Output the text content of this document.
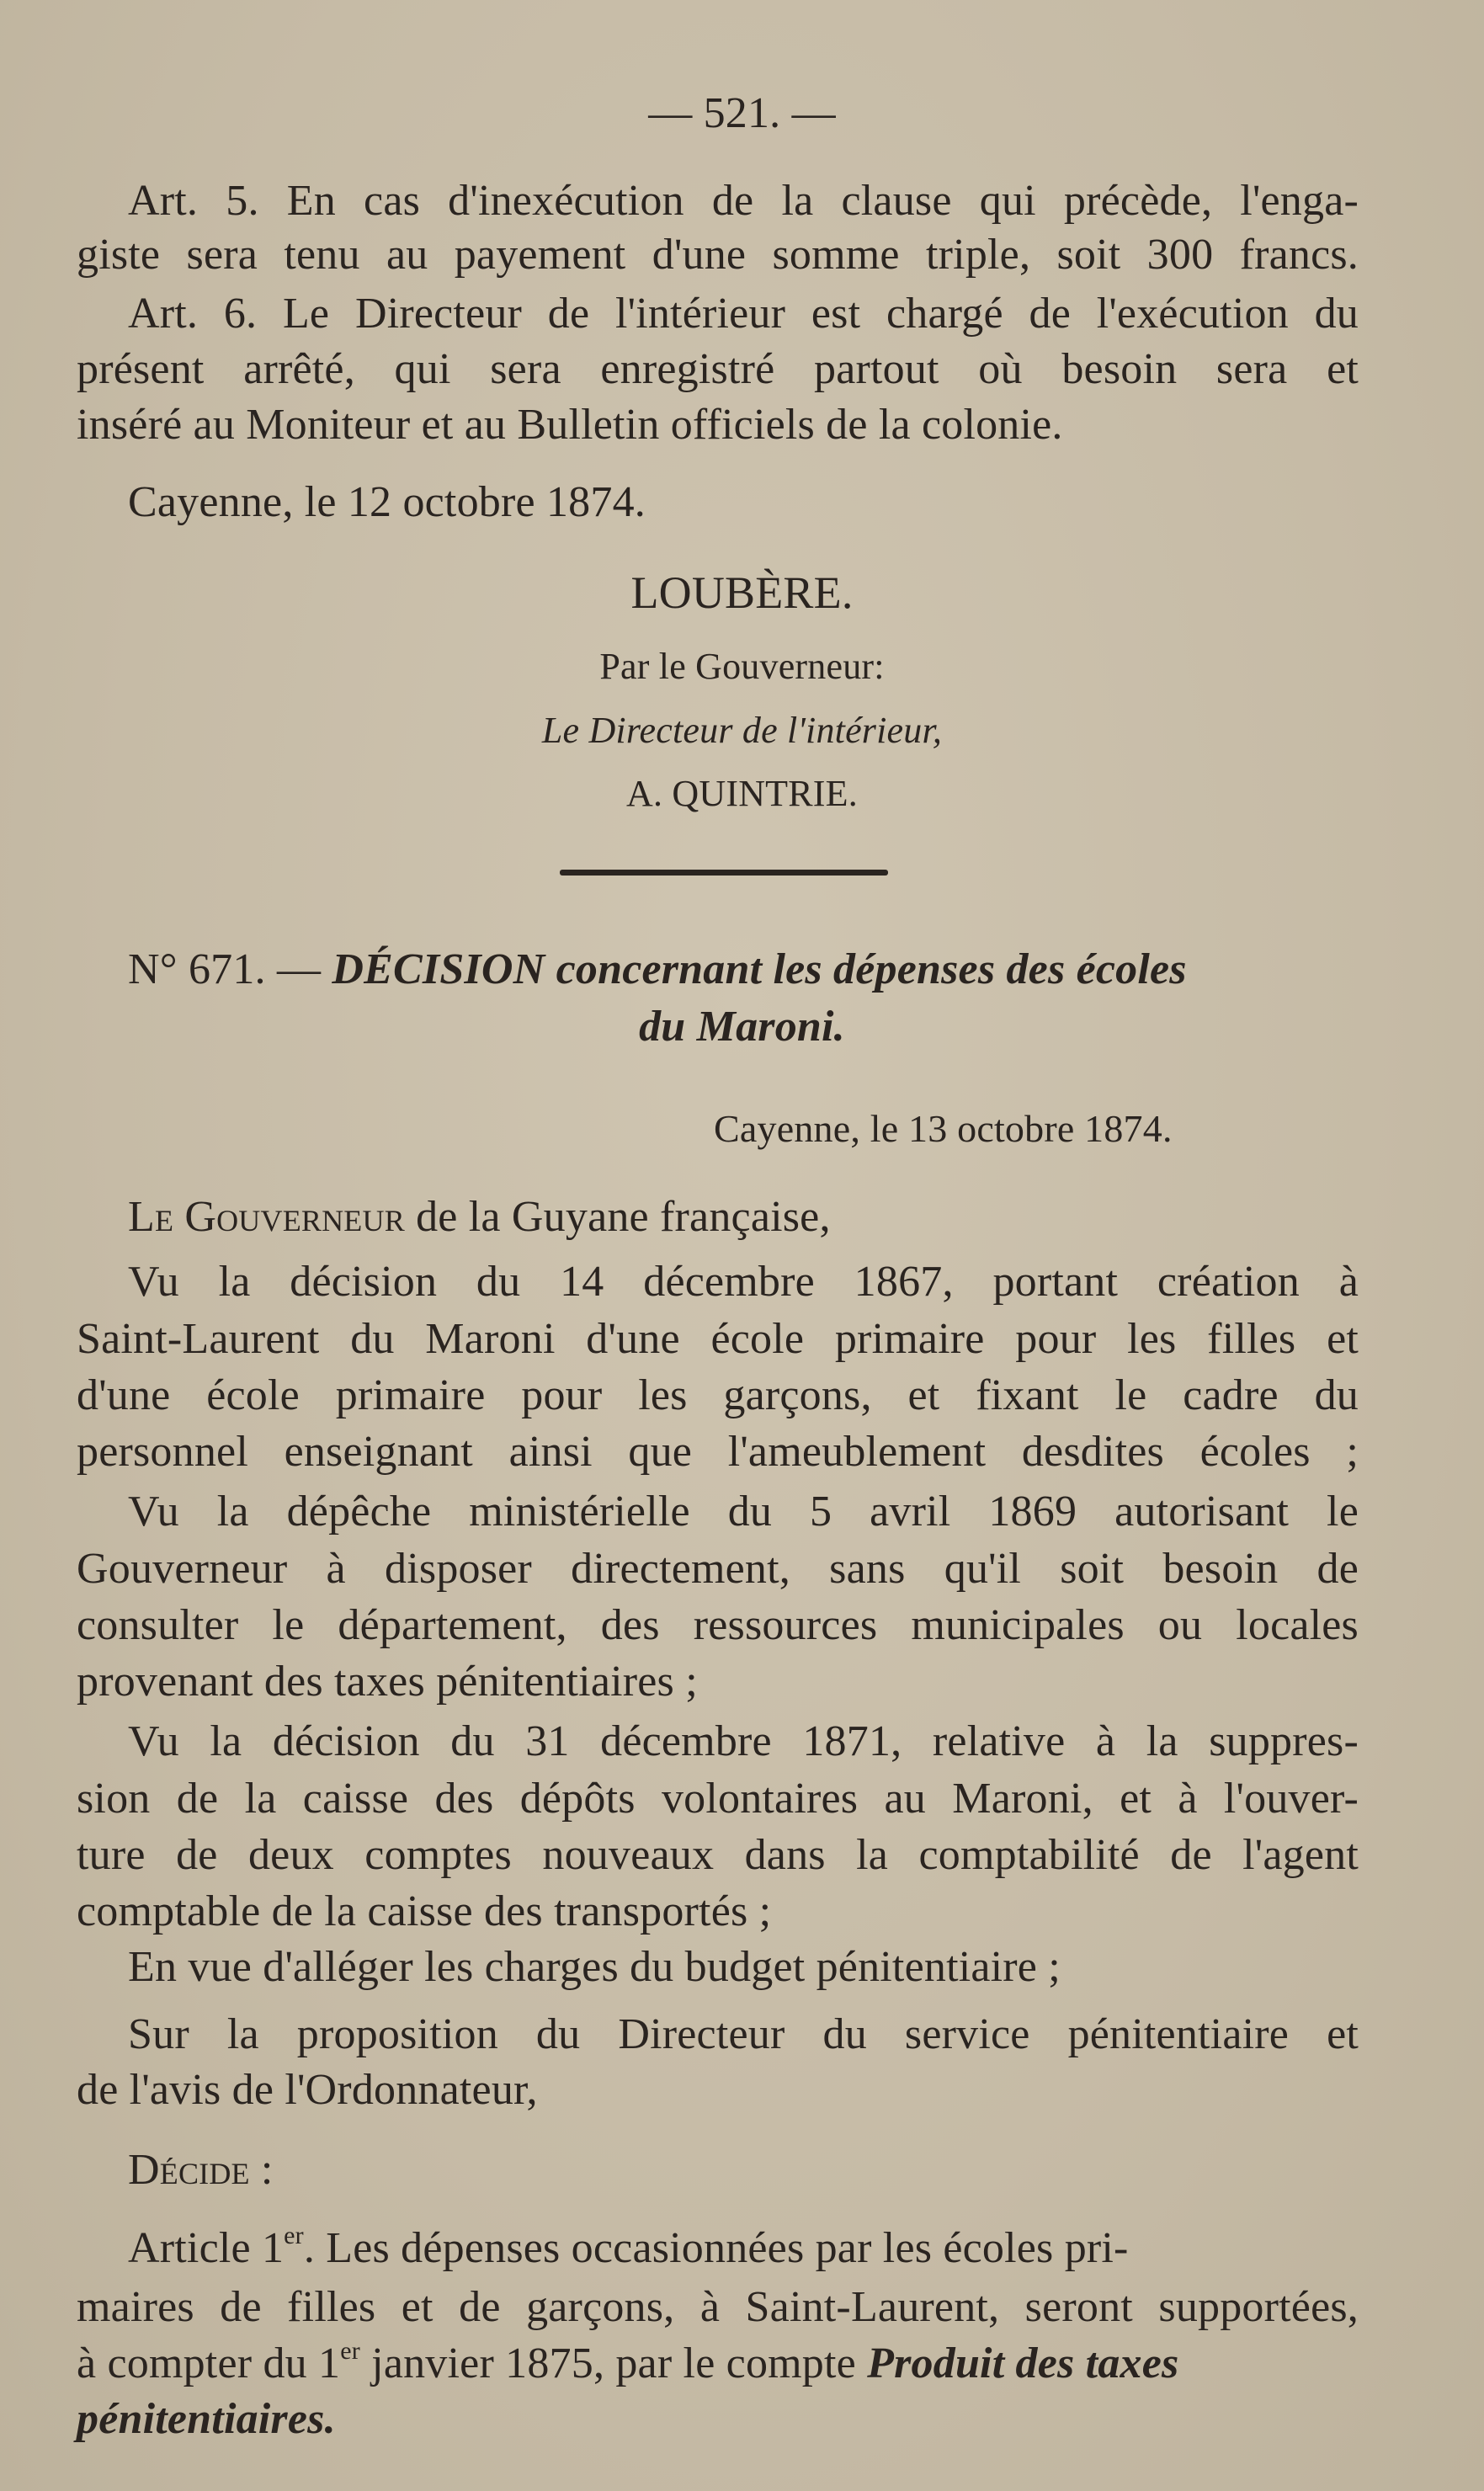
— 521. —
Art. 5. En cas d'inexécution de la clause qui précède, l'enga-
giste sera tenu au payement d'une somme triple, soit 300 francs.
Art. 6. Le Directeur de l'intérieur est chargé de l'exécution du
présent arrêté, qui sera enregistré partout où besoin sera et
inséré au Moniteur et au Bulletin officiels de la colonie.
Cayenne, le 12 octobre 1874.
LOUBÈRE.
Par le Gouverneur:
Le Directeur de l'intérieur,
A. QUINTRIE.
N° 671. — DÉCISION concernant les dépenses des écoles
du Maroni.
Cayenne, le 13 octobre 1874.
Le Gouverneur de la Guyane française,
Vu la décision du 14 décembre 1867, portant création à
Saint-Laurent du Maroni d'une école primaire pour les filles et
d'une école primaire pour les garçons, et fixant le cadre du
personnel enseignant ainsi que l'ameublement desdites écoles ;
Vu la dépêche ministérielle du 5 avril 1869 autorisant le
Gouverneur à disposer directement, sans qu'il soit besoin de
consulter le département, des ressources municipales ou locales
provenant des taxes pénitentiaires ;
Vu la décision du 31 décembre 1871, relative à la suppres-
sion de la caisse des dépôts volontaires au Maroni, et à l'ouver-
ture de deux comptes nouveaux dans la comptabilité de l'agent
comptable de la caisse des transportés ;
En vue d'alléger les charges du budget pénitentiaire ;
Sur la proposition du Directeur du service pénitentiaire et
de l'avis de l'Ordonnateur,
Décide :
Article 1er. Les dépenses occasionnées par les écoles pri-
maires de filles et de garçons, à Saint-Laurent, seront supportées,
à compter du 1er janvier 1875, par le compte Produit des taxes
pénitentiaires.
